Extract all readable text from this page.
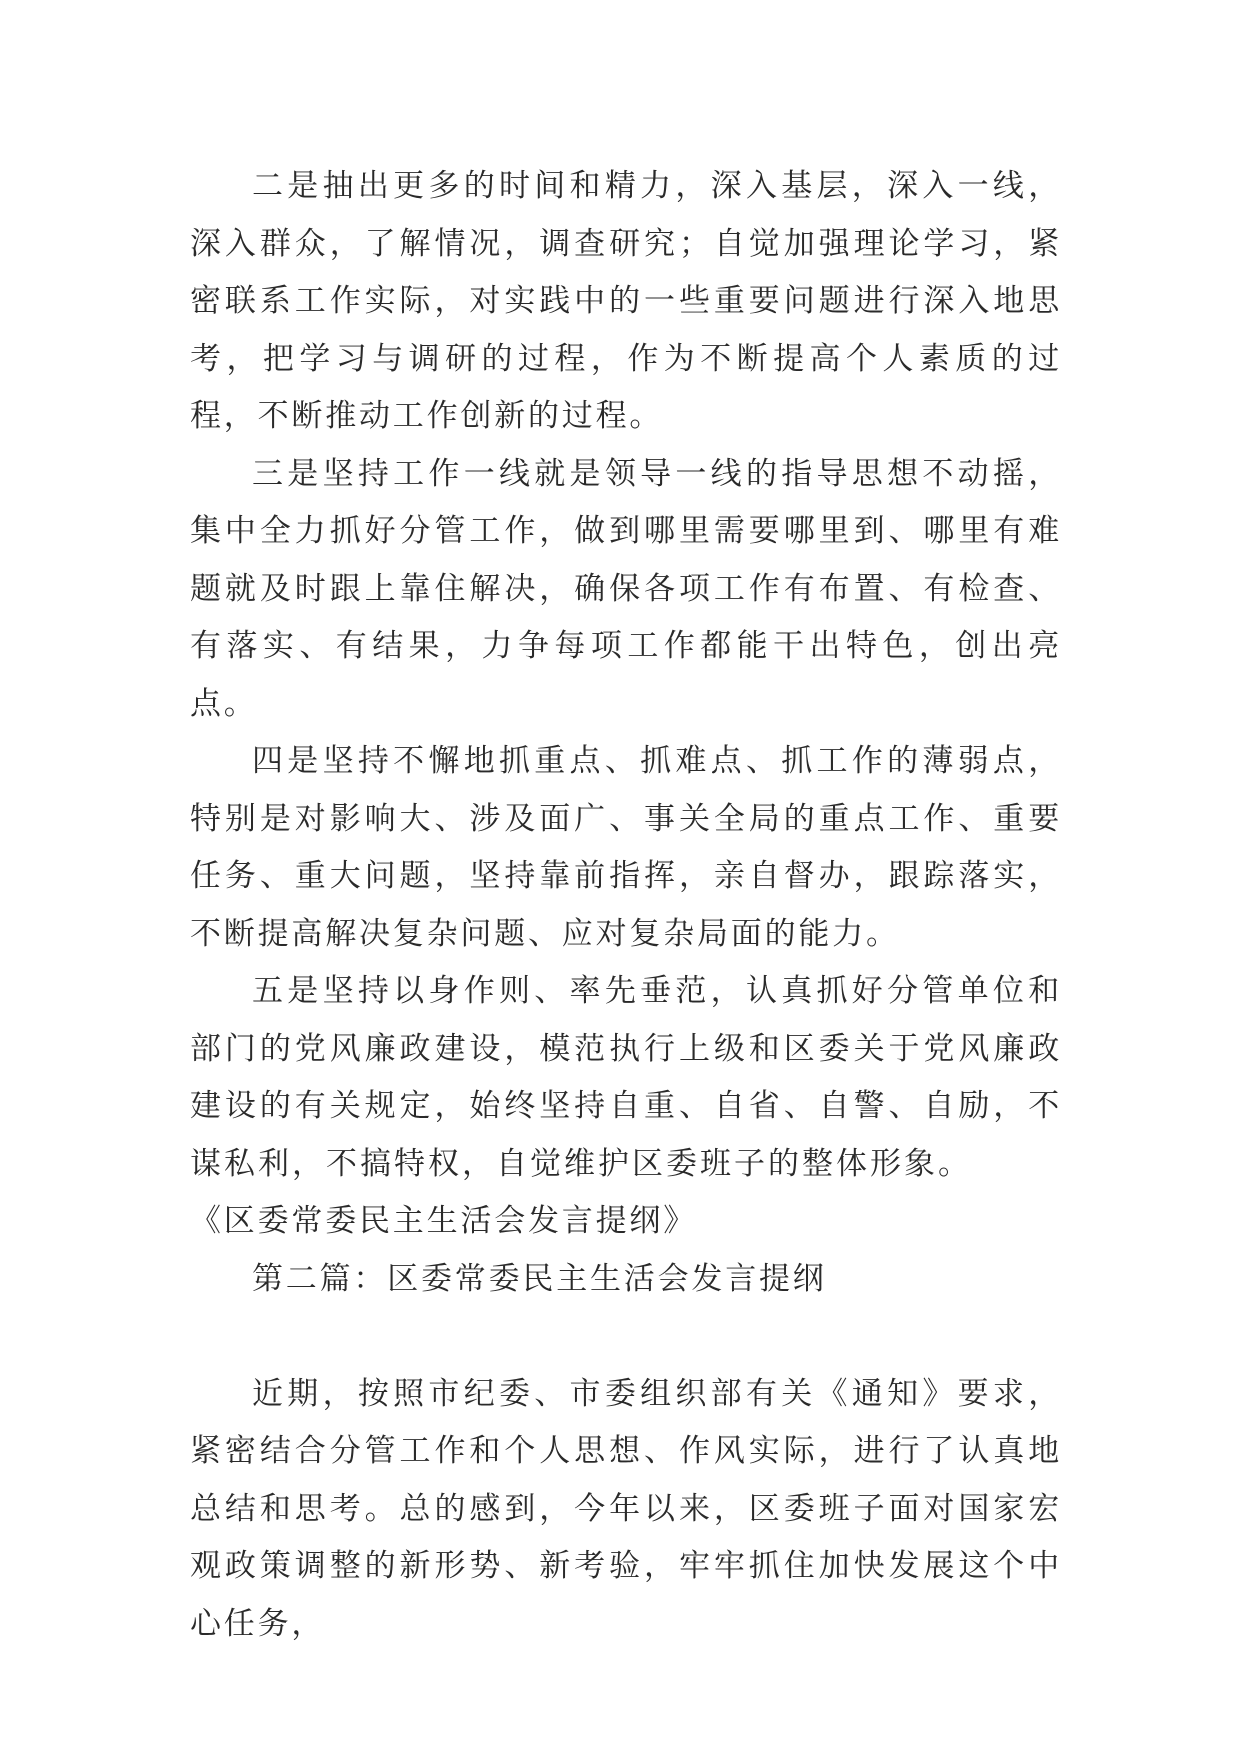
二是抽出更多的时间和精力，深入基层，深入一线，深入群众，了解情况，调查研究；自觉加强理论学习，紧密联系工作实际，对实践中的一些重要问题进行深入地思考，把学习与调研的过程，作为不断提高个人素质的过程，不断推动工作创新的过程。

三是坚持工作一线就是领导一线的指导思想不动摇，集中全力抓好分管工作，做到哪里需要哪里到、哪里有难题就及时跟上靠住解决，确保各项工作有布置、有检查、有落实、有结果，力争每项工作都能干出特色，创出亮点。

四是坚持不懈地抓重点、抓难点、抓工作的薄弱点，特别是对影响大、涉及面广、事关全局的重点工作、重要任务、重大问题，坚持靠前指挥，亲自督办，跟踪落实，不断提高解决复杂问题、应对复杂局面的能力。

五是坚持以身作则、率先垂范，认真抓好分管单位和部门的党风廉政建设，模范执行上级和区委关于党风廉政建设的有关规定，始终坚持自重、自省、自警、自励，不谋私利，不搞特权，自觉维护区委班子的整体形象。《区委常委民主生活会发言提纲》

第二篇：区委常委民主生活会发言提纲

近期，按照市纪委、市委组织部有关《通知》要求，紧密结合分管工作和个人思想、作风实际，进行了认真地总结和思考。总的感到，今年以来，区委班子面对国家宏观政策调整的新形势、新考验，牢牢抓住加快发展这个中心任务，
